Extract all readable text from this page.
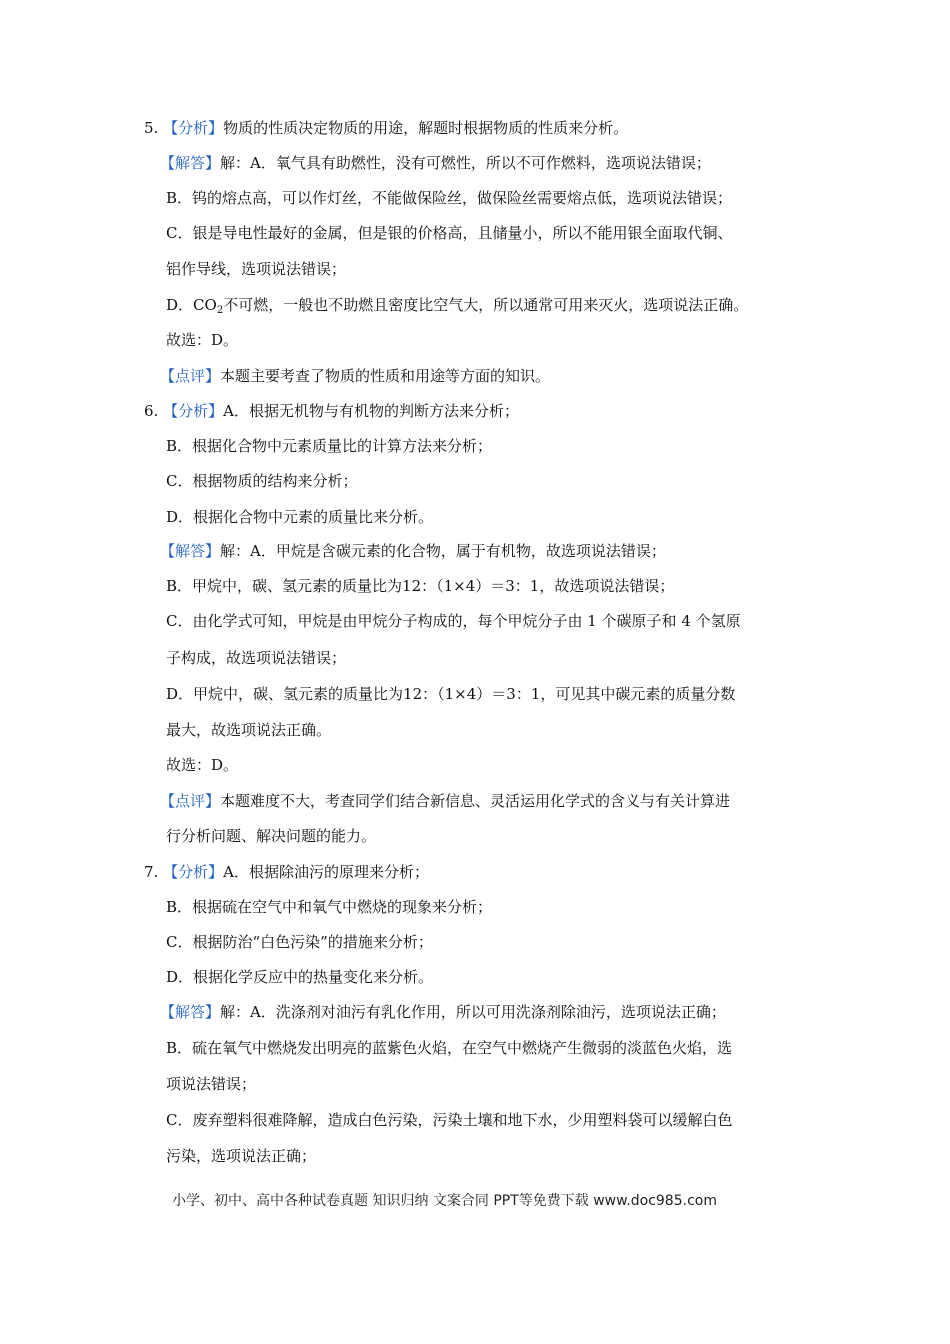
5. 【分析】物质的性质决定物质的用途，解题时根据物质的性质来分析。
【解答】解：A．氧气具有助燃性，没有可燃性，所以不可作燃料，选项说法错误；
B．钨的熔点高，可以作灯丝，不能做保险丝，做保险丝需要熔点低，选项说法错误；
C．银是导电性最好的金属，但是银的价格高，且储量小，所以不能用银全面取代铜、
铝作导线，选项说法错误；
D．$CO_2$不可燃，一般也不助燃且密度比空气大，所以通常可用来灭火，选项说法正确。
故选：D。
【点评】本题主要考查了物质的性质和用途等方面的知识。
6. 【分析】A．根据无机物与有机物的判断方法来分析；
B．根据化合物中元素质量比的计算方法来分析；
C．根据物质的结构来分析；
D．根据化合物中元素的质量比来分析。
【解答】解：A．甲烷是含碳元素的化合物，属于有机物，故选项说法错误；
B．甲烷中，碳、氢元素的质量比为12：（1×4）＝3：1，故选项说法错误；
C．由化学式可知，甲烷是由甲烷分子构成的，每个甲烷分子由 1 个碳原子和 4 个氢原
子构成，故选项说法错误；
D．甲烷中，碳、氢元素的质量比为12：（1×4）＝3：1，可见其中碳元素的质量分数
最大，故选项说法正确。
故选：D。
【点评】本题难度不大，考查同学们结合新信息、灵活运用化学式的含义与有关计算进
行分析问题、解决问题的能力。
7. 【分析】A．根据除油污的原理来分析；
B．根据硫在空气中和氧气中燃烧的现象来分析；
C．根据防治“白色污染”的措施来分析；
D．根据化学反应中的热量变化来分析。
【解答】解：A．洗涤剂对油污有乳化作用，所以可用洗涤剂除油污，选项说法正确；
B．硫在氧气中燃烧发出明亮的蓝紫色火焰，在空气中燃烧产生微弱的淡蓝色火焰，选
项说法错误；
C．废弃塑料很难降解，造成白色污染，污染土壤和地下水，少用塑料袋可以缓解白色
污染，选项说法正确；
小学、初中、高中各种试卷真题 知识归纳 文案合同 PPT等免费下载 www.doc985.com
